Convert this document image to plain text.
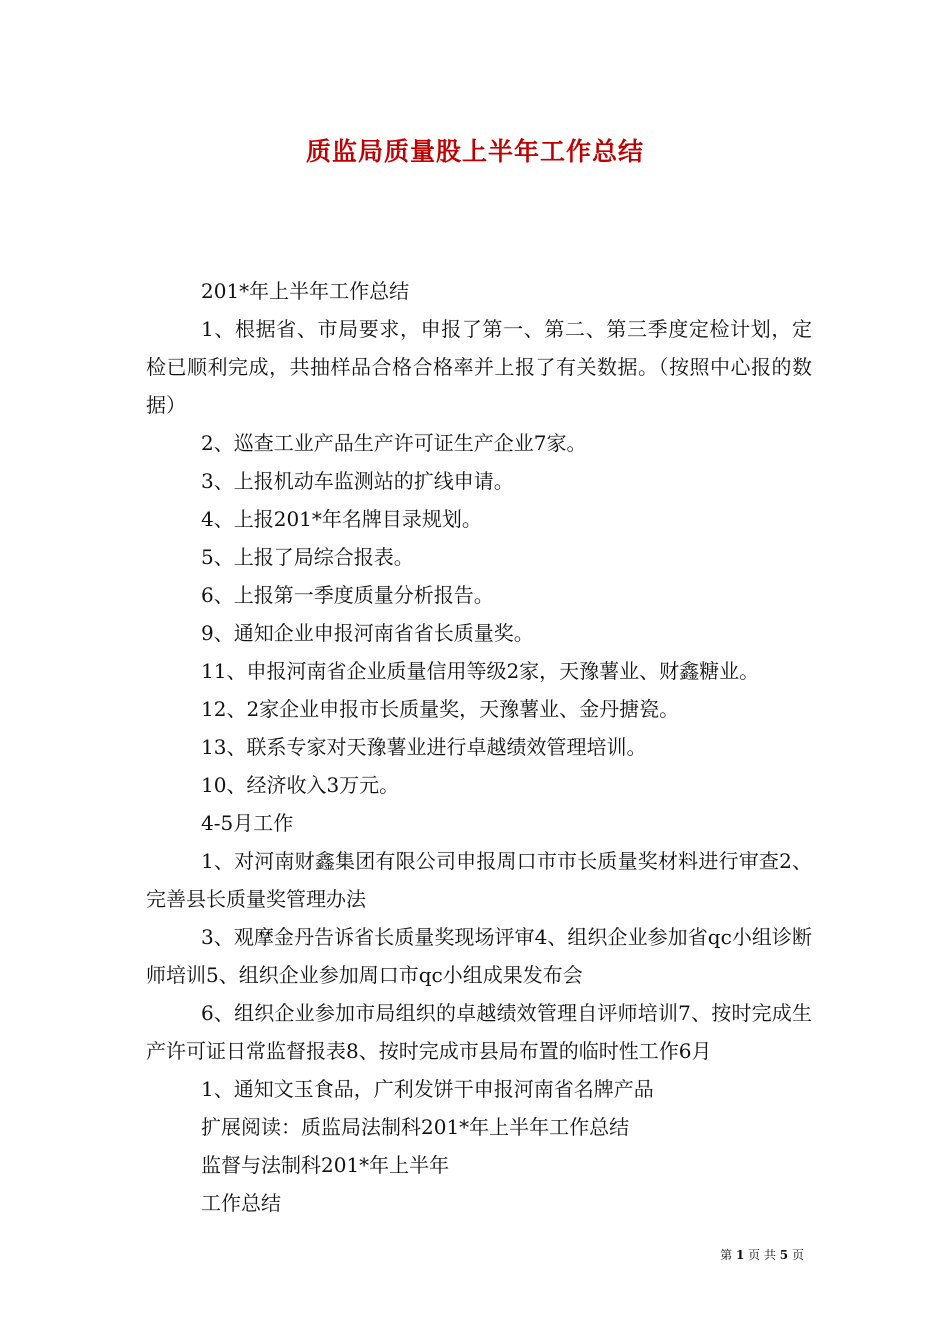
质监局质量股上半年工作总结

201*年上半年工作总结

1、根据省、市局要求，申报了第一、第二、第三季度定检计划，定检已顺利完成，共抽样品合格合格率并上报了有关数据。（按照中心报的数据）

2、巡查工业产品生产许可证生产企业7家。

3、上报机动车监测站的扩线申请。

4、上报201*年名牌目录规划。

5、上报了局综合报表。

6、上报第一季度质量分析报告。

9、通知企业申报河南省省长质量奖。

11、申报河南省企业质量信用等级2家，天豫薯业、财鑫糖业。

12、2家企业申报市长质量奖，天豫薯业、金丹搪瓷。

13、联系专家对天豫薯业进行卓越绩效管理培训。

10、经济收入3万元。

4-5月工作

1、对河南财鑫集团有限公司申报周口市市长质量奖材料进行审查2、完善县长质量奖管理办法

3、观摩金丹告诉省长质量奖现场评审4、组织企业参加省qc小组诊断师培训5、组织企业参加周口市qc小组成果发布会

6、组织企业参加市局组织的卓越绩效管理自评师培训7、按时完成生产许可证日常监督报表8、按时完成市县局布置的临时性工作6月

1、通知文玉食品，广利发饼干申报河南省名牌产品

扩展阅读：质监局法制科201*年上半年工作总结

监督与法制科201*年上半年

工作总结

第 1 页 共 5 页
